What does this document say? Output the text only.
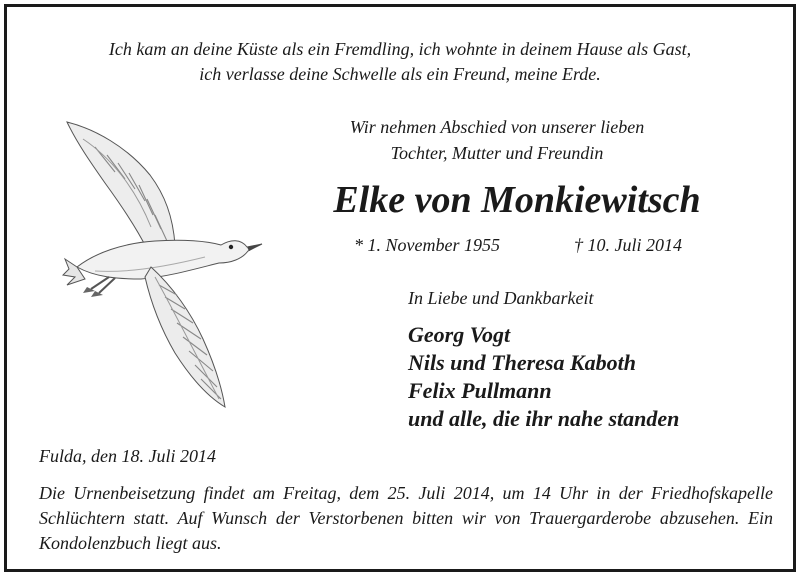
Ich kam an deine Küste als ein Fremdling, ich wohnte in deinem Hause als Gast,
ich verlasse deine Schwelle als ein Freund, meine Erde.
Wir nehmen Abschied von unserer lieben
Tochter, Mutter und Freundin
Elke von Monkiewitsch
* 1. November 1955	† 10. Juli 2014
In Liebe und Dankbarkeit
Georg Vogt
Nils und Theresa Kaboth
Felix Pullmann
und alle, die ihr nahe standen
Fulda, den 18. Juli 2014
Die Urnenbeisetzung findet am Freitag, dem 25. Juli 2014, um 14 Uhr in der Friedhofskapelle Schlüchtern statt. Auf Wunsch der Verstorbenen bitten wir von Trauergarderobe abzusehen. Ein Kondolenzbuch liegt aus.
